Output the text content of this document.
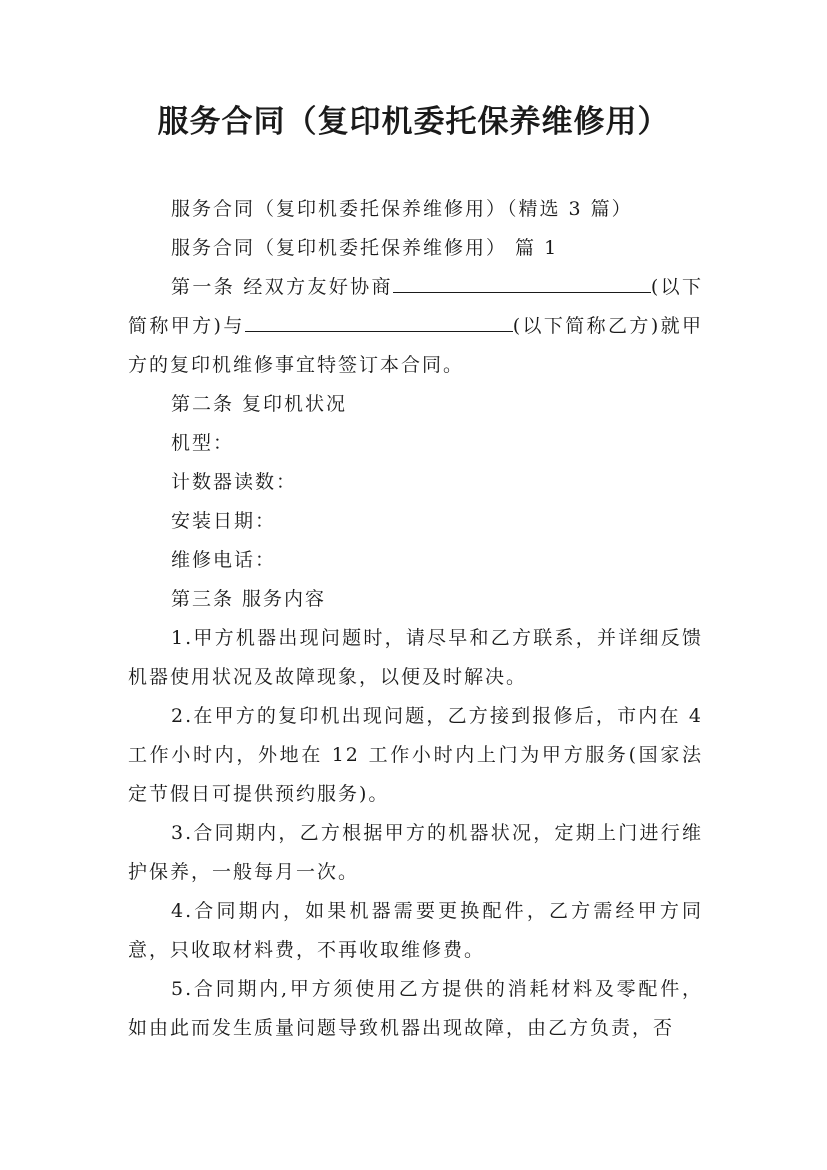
服务合同（复印机委托保养维修用）

服务合同（复印机委托保养维修用）（精选 3 篇）

服务合同（复印机委托保养维修用） 篇 1

第一条 经双方友好协商	(以下简称甲方)与	(以下简称乙方)就甲方的复印机维修事宜特签订本合同。

第二条 复印机状况

机型：

计数器读数：

安装日期：

维修电话：

第三条 服务内容

1.甲方机器出现问题时，请尽早和乙方联系，并详细反馈机器使用状况及故障现象，以便及时解决。

2.在甲方的复印机出现问题，乙方接到报修后，市内在 4 工作小时内，外地在 12 工作小时内上门为甲方服务(国家法定节假日可提供预约服务)。

3.合同期内，乙方根据甲方的机器状况，定期上门进行维护保养，一般每月一次。

4.合同期内，如果机器需要更换配件，乙方需经甲方同意，只收取材料费，不再收取维修费。

5.合同期内,甲方须使用乙方提供的消耗材料及零配件，如由此而发生质量问题导致机器出现故障，由乙方负责，否
